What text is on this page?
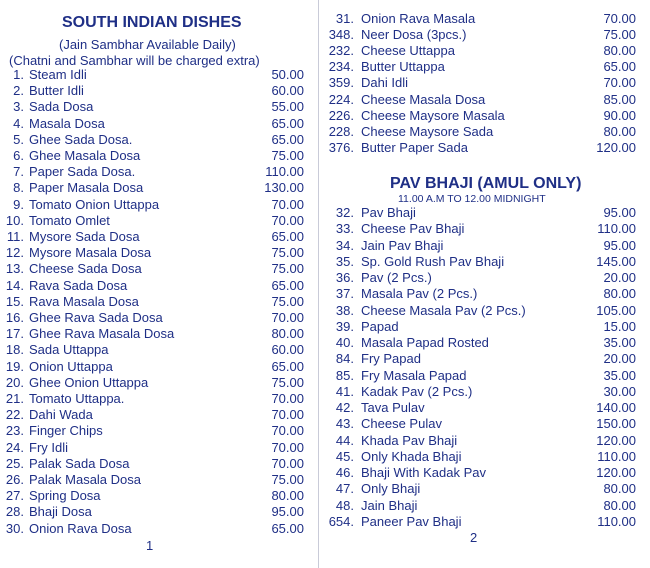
SOUTH INDIAN DISHES
(Jain Sambhar Available Daily)
(Chatni and Sambhar will be charged extra)
1. Steam Idli	50.00
2. Butter Idli	60.00
3. Sada Dosa	55.00
4. Masala Dosa	65.00
5. Ghee Sada Dosa.	65.00
6. Ghee Masala Dosa	75.00
7. Paper Sada Dosa.	110.00
8. Paper Masala Dosa	130.00
9. Tomato Onion Uttappa	70.00
10. Tomato Omlet	70.00
11. Mysore Sada Dosa	65.00
12. Mysore Masala Dosa	75.00
13. Cheese Sada Dosa	75.00
14. Rava Sada Dosa	65.00
15. Rava Masala Dosa	75.00
16. Ghee Rava Sada Dosa	70.00
17. Ghee Rava Masala Dosa	80.00
18. Sada Uttappa	60.00
19. Onion Uttappa	65.00
20. Ghee Onion Uttappa	75.00
21. Tomato Uttappa.	70.00
22. Dahi Wada	70.00
23. Finger Chips	70.00
24. Fry Idli	70.00
25. Palak Sada Dosa	70.00
26. Palak Masala Dosa	75.00
27. Spring Dosa	80.00
28. Bhaji Dosa	95.00
30. Onion Rava Dosa	65.00
1
31. Onion Rava Masala	70.00
348. Neer Dosa (3pcs.)	75.00
232. Cheese Uttappa	80.00
234. Butter Uttappa	65.00
359. Dahi Idli	70.00
224. Cheese Masala Dosa	85.00
226. Cheese Maysore Masala	90.00
228. Cheese Maysore Sada	80.00
376. Butter Paper Sada	120.00
PAV BHAJI (AMUL ONLY)
11.00 A.M TO 12.00 MIDNIGHT
32. Pav Bhaji	95.00
33. Cheese Pav Bhaji	110.00
34. Jain Pav Bhaji	95.00
35. Sp. Gold Rush Pav Bhaji	145.00
36. Pav (2 Pcs.)	20.00
37. Masala Pav (2 Pcs.)	80.00
38. Cheese Masala Pav (2 Pcs.)	105.00
39. Papad	15.00
40. Masala Papad Rosted	35.00
84. Fry Papad	20.00
85. Fry Masala Papad	35.00
41. Kadak Pav (2 Pcs.)	30.00
42. Tava Pulav	140.00
43. Cheese Pulav	150.00
44. Khada Pav Bhaji	120.00
45. Only Khada Bhaji	110.00
46. Bhaji With Kadak Pav	120.00
47. Only Bhaji	80.00
48. Jain Bhaji	80.00
654. Paneer Pav Bhaji	110.00
2
